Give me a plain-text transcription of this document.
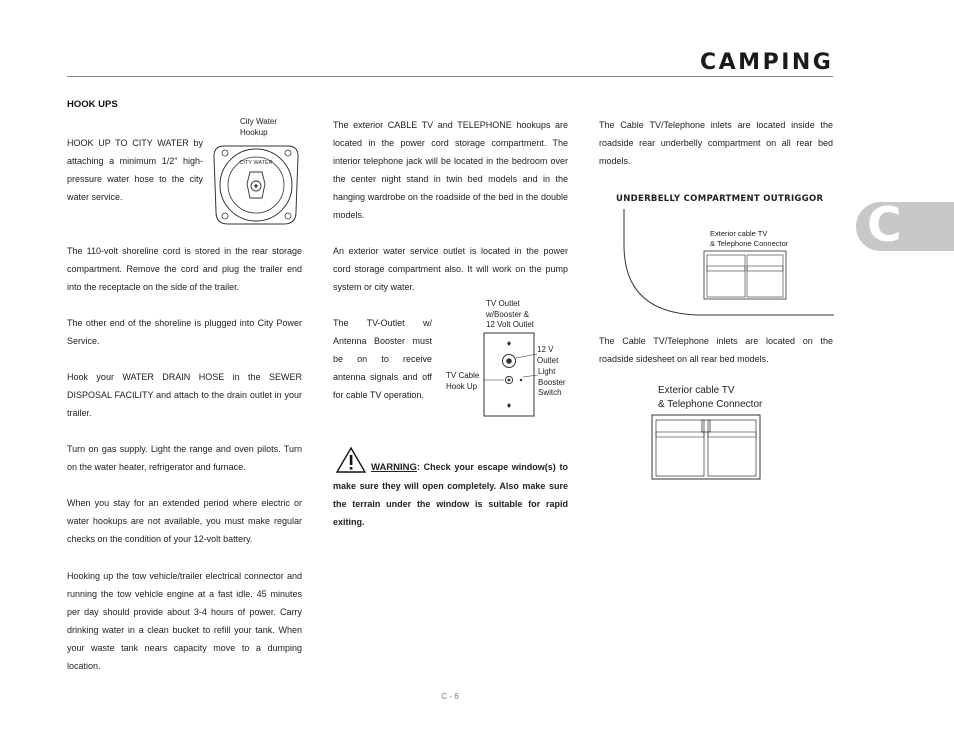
CAMPING
C
HOOK UPS
City Water
Hookup
CITY WATER
HOOK UP TO CITY WATER by attaching a minimum 1/2" high-pressure water hose to the city water service.
The 110-volt shoreline cord is stored in the rear storage compartment. Remove the cord and plug the trailer end into the receptacle on the side of the trailer.
The other end of the shoreline is plugged into City Power Service.
Hook your WATER DRAIN HOSE in the SEWER DISPOSAL FACILITY and attach to the drain outlet in your trailer.
Turn on gas supply. Light the range and oven pilots. Turn on the water heater, refrigerator and furnace.
When you stay for an extended period where electric or water hookups are not available, you must make regular checks on the condition of your 12-volt battery.
Hooking up the tow vehicle/trailer electrical connector and running the tow vehicle engine at a fast idle. 45 minutes per day should provide about 3-4 hours of power. Carry drinking water in a clean bucket to refill your tank. When your waste tank nears capacity move to a dumping location.
The exterior CABLE TV and TELEPHONE hookups are located in the power cord storage compartment. The interior telephone jack will be located in the bedroom over the center night stand in twin bed models and in the hanging wardrobe on the roadside of the bed in the double models.
An exterior water service outlet is located in the power cord storage compartment also. It will work on the pump system or city water.
The TV-Outlet w/ Antenna Booster must be on to receive antenna signals and off for cable TV operation.
TV Outlet
w/Booster &
12 Volt Outlet
12 V
Outlet
Light
Booster
Switch
TV Cable
Hook Up
WARNING: Check your escape window(s) to make sure they will open completely. Also make sure the terrain under the window is suitable for rapid exiting.
The Cable TV/Telephone inlets are located inside the roadside rear underbelly compartment on all rear bed models.
UNDERBELLY COMPARTMENT OUTRIGGOR
Exterior cable TV
& Telephone Connector
The Cable TV/Telephone inlets are located on the roadside sidesheet on all rear bed models.
Exterior cable TV
& Telephone Connector
C - 6
